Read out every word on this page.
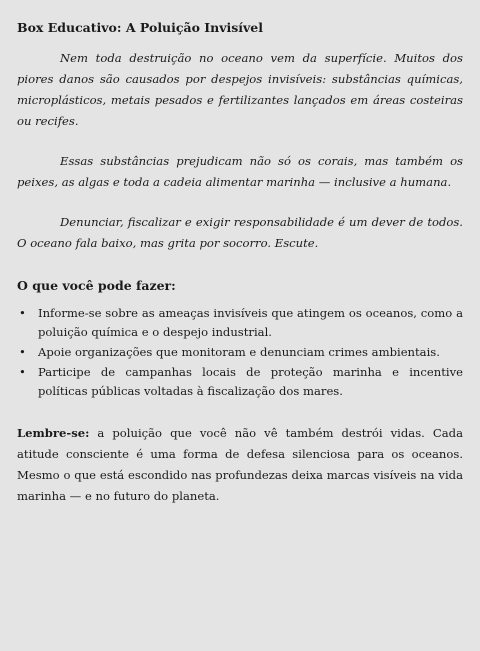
Box Educativo: A Poluição Invisível

Nem toda destruição no oceano vem da superfície. Muitos dos piores danos são causados por despejos invisíveis: substâncias químicas, microplásticos, metais pesados e fertilizantes lançados em áreas costeiras ou recifes.

Essas substâncias prejudicam não só os corais, mas também os peixes, as algas e toda a cadeia alimentar marinha — inclusive a humana.

Denunciar, fiscalizar e exigir responsabilidade é um dever de todos. O oceano fala baixo, mas grita por socorro. Escute.

O que você pode fazer:
•	Informe-se sobre as ameaças invisíveis que atingem os oceanos, como a poluição química e o despejo industrial.
•	Apoie organizações que monitoram e denunciam crimes ambientais.
•	Participe de campanhas locais de proteção marinha e incentive políticas públicas voltadas à fiscalização dos mares.

Lembre-se: a poluição que você não vê também destrói vidas. Cada atitude consciente é uma forma de defesa silenciosa para os oceanos. Mesmo o que está escondido nas profundezas deixa marcas visíveis na vida marinha — e no futuro do planeta.
